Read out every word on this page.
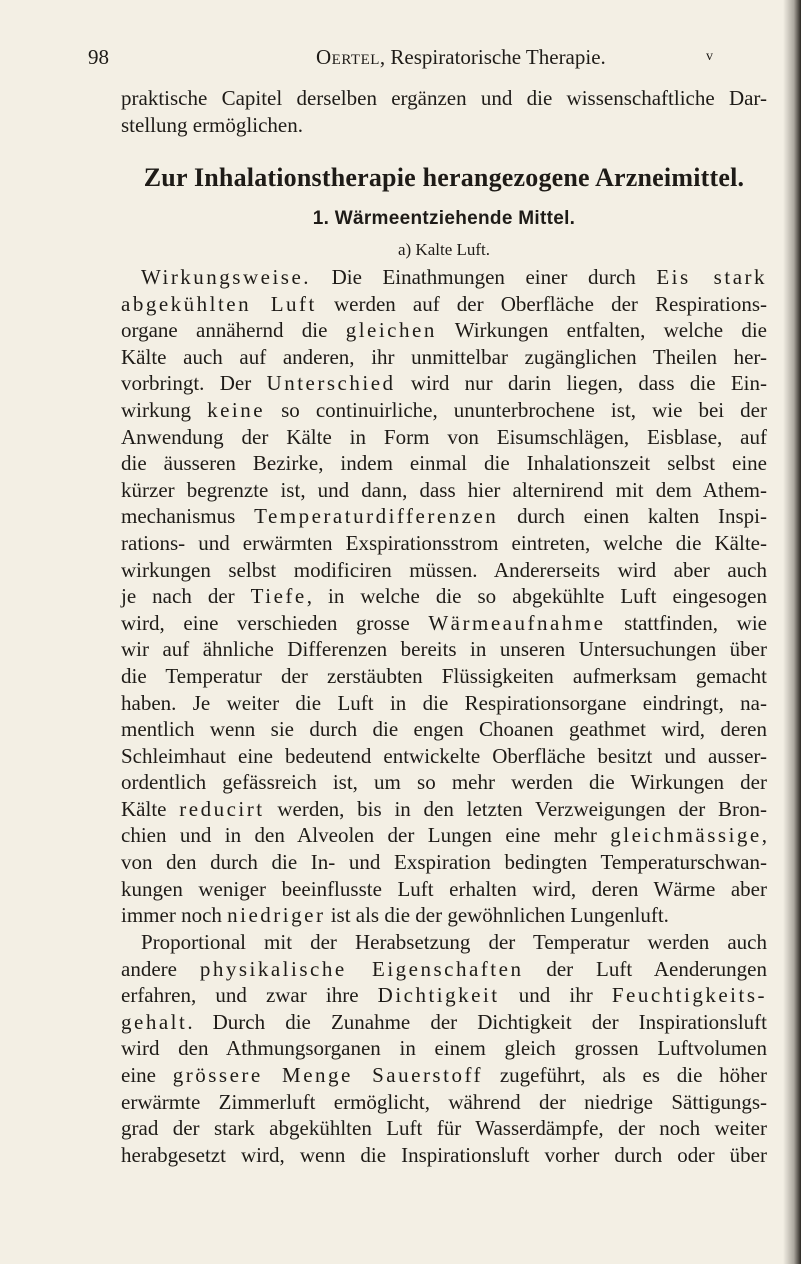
98	Oertel, Respiratorische Therapie.	v
praktische Capitel derselben ergänzen und die wissenschaftliche Dar-
stellung ermöglichen.
Zur Inhalationstherapie herangezogene Arzneimittel.
1. Wärmeentziehende Mittel.
a) Kalte Luft.
Wirkungsweise. Die Einathmungen einer durch Eis stark
abgekühlten Luft werden auf der Oberfläche der Respirations-
organe annähernd die gleichen Wirkungen entfalten, welche die
Kälte auch auf anderen, ihr unmittelbar zugänglichen Theilen her-
vorbringt. Der Unterschied wird nur darin liegen, dass die Ein-
wirkung keine so continuirliche, ununterbrochene ist, wie bei der
Anwendung der Kälte in Form von Eisumschlägen, Eisblase, auf
die äusseren Bezirke, indem einmal die Inhalationszeit selbst eine
kürzer begrenzte ist, und dann, dass hier alternirend mit dem Athem-
mechanismus Temperaturdifferenzen durch einen kalten Inspi-
rations- und erwärmten Exspirationsstrom eintreten, welche die Kälte-
wirkungen selbst modificiren müssen. Andererseits wird aber auch
je nach der Tiefe, in welche die so abgekühlte Luft eingesogen
wird, eine verschieden grosse Wärmeaufnahme stattfinden, wie
wir auf ähnliche Differenzen bereits in unseren Untersuchungen über
die Temperatur der zerstäubten Flüssigkeiten aufmerksam gemacht
haben. Je weiter die Luft in die Respirationsorgane eindringt, na-
mentlich wenn sie durch die engen Choanen geathmet wird, deren
Schleimhaut eine bedeutend entwickelte Oberfläche besitzt und ausser-
ordentlich gefässreich ist, um so mehr werden die Wirkungen der
Kälte reducirt werden, bis in den letzten Verzweigungen der Bron-
chien und in den Alveolen der Lungen eine mehr gleichmässige,
von den durch die In- und Exspiration bedingten Temperaturschwan-
kungen weniger beeinflusste Luft erhalten wird, deren Wärme aber
immer noch niedriger ist als die der gewöhnlichen Lungenluft.
Proportional mit der Herabsetzung der Temperatur werden auch
andere physikalische Eigenschaften der Luft Aenderungen
erfahren, und zwar ihre Dichtigkeit und ihr Feuchtigkeits-
gehalt. Durch die Zunahme der Dichtigkeit der Inspirationsluft
wird den Athmungsorganen in einem gleich grossen Luftvolumen
eine grössere Menge Sauerstoff zugeführt, als es die höher
erwärmte Zimmerluft ermöglicht, während der niedrige Sättigungs-
grad der stark abgekühlten Luft für Wasserdämpfe, der noch weiter
herabgesetzt wird, wenn die Inspirationsluft vorher durch oder über
